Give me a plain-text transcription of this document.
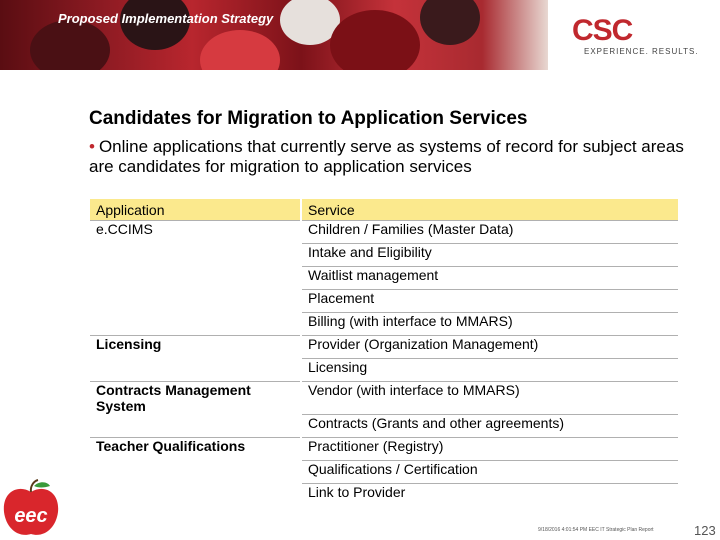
Proposed Implementation Strategy	CSC
EXPERIENCE. RESULTS.
Candidates for Migration to Application Services
• Online applications that currently serve as systems of record for subject areas are candidates for migration to application services
Application		Service
e.CCIMS		Children / Families (Master Data)
		Intake and Eligibility
		Waitlist management
		Placement
		Billing (with interface to MMARS)
Licensing		Provider (Organization Management)
		Licensing
Contracts Management System		Vendor (with interface to MMARS)
		Contracts (Grants and other agreements)
Teacher Qualifications		Practitioner (Registry)
		Qualifications / Certification
		Link to Provider
eec
9/18/2016 4:01:54 PM EEC IT Strategic Plan Report	123
